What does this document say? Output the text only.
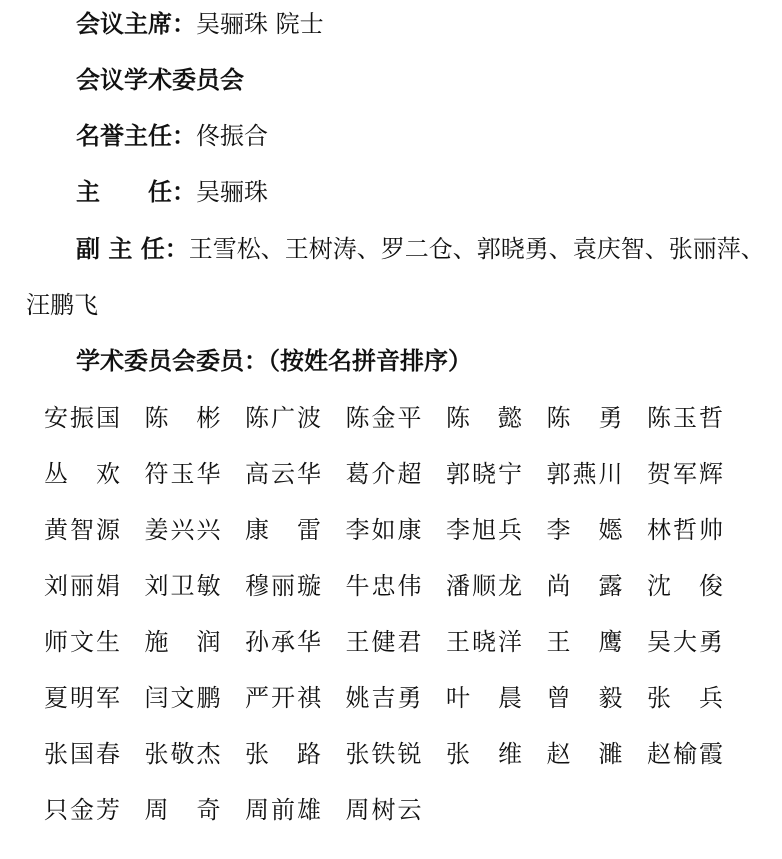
会议主席：吴骊珠 院士
会议学术委员会
名誉主任：佟振合
主　　任：吴骊珠
副 主 任：王雪松、王树涛、罗二仓、郭晓勇、袁庆智、张丽萍、
汪鹏飞
学术委员会委员：（按姓名拼音排序）
安 振 国 陈 彬 陈 广 波 陈 金 平 陈 懿 陈 勇 陈 玉 哲
丛 欢 符 玉 华 高 云 华 葛 介 超 郭 晓 宁 郭 燕 川 贺 军 辉
黄 智 源 姜 兴 兴 康 雷 李 如 康 李 旭 兵 李 嫕 林 哲 帅
刘 丽 娟 刘 卫 敏 穆 丽 璇 牛 忠 伟 潘 顺 龙 尚 露 沈 俊
师 文 生 施 润 孙 承 华 王 健 君 王 晓 洋 王 鹰 吴 大 勇
夏 明 军 闫 文 鹏 严 开 祺 姚 吉 勇 叶 晨 曾 毅 张 兵
张 国 春 张 敬 杰 张 路 张 铁 锐 张 维 赵 濉 赵 榆 霞
只 金 芳 周 奇 周 前 雄 周 树 云
